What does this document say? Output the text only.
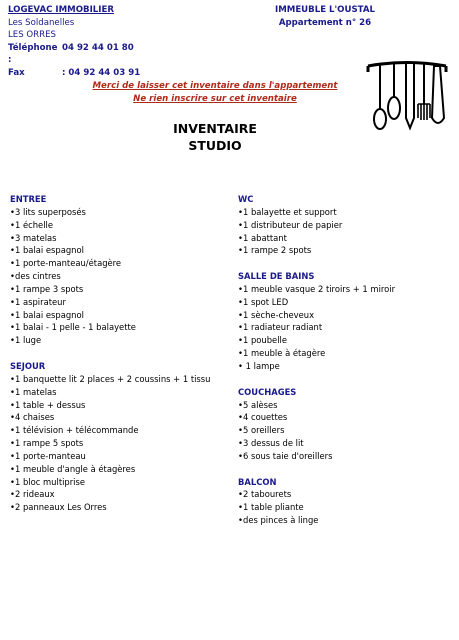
LOGEVAC IMMOBILIER
Les Soldanelles
LES ORRES
Téléphone :
04 92 44 01 80
Fax	: 04 92 44 03 91
IMMEUBLE L'OUSTAL
Appartement n° 26
Merci de laisser cet inventaire dans l'appartement
Ne rien inscrire sur cet inventaire
INVENTAIRE
STUDIO
ENTREE
•3 lits superposés
•1 échelle
•3 matelas
•1 balai espagnol
•1 porte-manteau/étagère
•des cintres
•1 rampe 3 spots
•1 aspirateur
•1 balai espagnol
•1 balai - 1 pelle - 1 balayette
•1 luge
SEJOUR
•1 banquette lit 2 places + 2 coussins + 1 tissu
•1 matelas
•1 table + dessus
•4 chaises
•1 télévision + télécommande
•1 rampe 5 spots
•1 porte-manteau
•1 meuble d'angle à étagères
•1 bloc multiprise
•2 rideaux
•2 panneaux Les Orres
WC
•1 balayette et support
•1 distributeur de papier
•1 abattant
•1 rampe 2 spots
SALLE DE BAINS
•1 meuble vasque 2 tiroirs + 1 miroir
•1 spot LED
•1 sèche-cheveux
•1 radiateur radiant
•1 poubelle
•1 meuble à étagère
• 1 lampe
COUCHAGES
•5 alèses
•4 couettes
•5 oreillers
•3 dessus de lit
•6 sous taie d'oreillers
BALCON
•2 tabourets
•1 table pliante
•des pinces à linge
